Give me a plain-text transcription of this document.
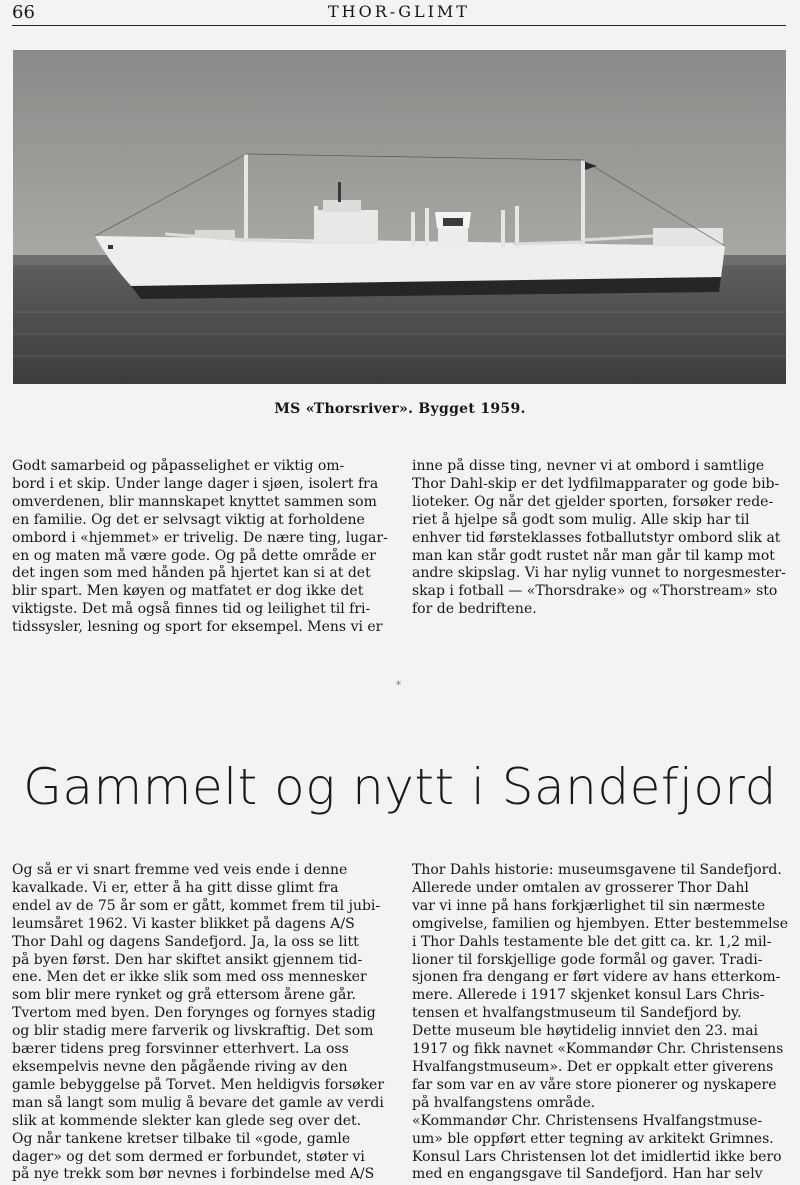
66	THOR-GLIMT
MS «Thorsriver». Bygget 1959.

Godt samarbeid og påpasselighet er viktig om-
bord i et skip. Under lange dager i sjøen, isolert fra
omverdenen, blir mannskapet knyttet sammen som
en familie. Og det er selvsagt viktig at forholdene
ombord i «hjemmet» er trivelig. De nære ting, lugar-
en og maten må være gode. Og på dette område er
det ingen som med hånden på hjertet kan si at det
blir spart. Men køyen og matfatet er dog ikke det
viktigste. Det må også finnes tid og leilighet til fri-
tidssysler, lesning og sport for eksempel. Mens vi er

inne på disse ting, nevner vi at ombord i samtlige
Thor Dahl-skip er det lydfilmapparater og gode bib-
lioteker. Og når det gjelder sporten, forsøker rede-
riet å hjelpe så godt som mulig. Alle skip har til
enhver tid førsteklasses fotballutstyr ombord slik at
man kan står godt rustet når man går til kamp mot
andre skipslag. Vi har nylig vunnet to norgesmester-
skap i fotball — «Thorsdrake» og «Thorstream» sto
for de bedriftene.

*
Gammelt og nytt i Sandefjord

Og så er vi snart fremme ved veis ende i denne
kavalkade. Vi er, etter å ha gitt disse glimt fra
endel av de 75 år som er gått, kommet frem til jubi-
leumsåret 1962. Vi kaster blikket på dagens A/S
Thor Dahl og dagens Sandefjord. Ja, la oss se litt
på byen først. Den har skiftet ansikt gjennem tid-
ene. Men det er ikke slik som med oss mennesker
som blir mere rynket og grå ettersom årene går.
Tvertom med byen. Den forynges og fornyes stadig
og blir stadig mere farverik og livskraftig. Det som
bærer tidens preg forsvinner etterhvert. La oss
eksempelvis nevne den pågående riving av den
gamle bebyggelse på Torvet. Men heldigvis forsøker
man så langt som mulig å bevare det gamle av verdi
slik at kommende slekter kan glede seg over det.
Og når tankene kretser tilbake til «gode, gamle
dager» og det som dermed er forbundet, støter vi
på nye trekk som bør nevnes i forbindelse med A/S

Thor Dahls historie: museumsgavene til Sandefjord.
Allerede under omtalen av grosserer Thor Dahl
var vi inne på hans forkjærlighet til sin nærmeste
omgivelse, familien og hjembyen. Etter bestemmelse
i Thor Dahls testamente ble det gitt ca. kr. 1,2 mil-
lioner til forskjellige gode formål og gaver. Tradi-
sjonen fra dengang er ført videre av hans etterkom-
mere. Allerede i 1917 skjenket konsul Lars Chris-
tensen et hvalfangstmuseum til Sandefjord by.
Dette museum ble høytidelig innviet den 23. mai
1917 og fikk navnet «Kommandør Chr. Christensens
Hvalfangstmuseum». Det er oppkalt etter giverens
far som var en av våre store pionerer og nyskapere
på hvalfangstens område.
«Kommandør Chr. Christensens Hvalfangstmuse-
um» ble oppført etter tegning av arkitekt Grimnes.
Konsul Lars Christensen lot det imidlertid ikke bero
med en engangsgave til Sandefjord. Han har selv
